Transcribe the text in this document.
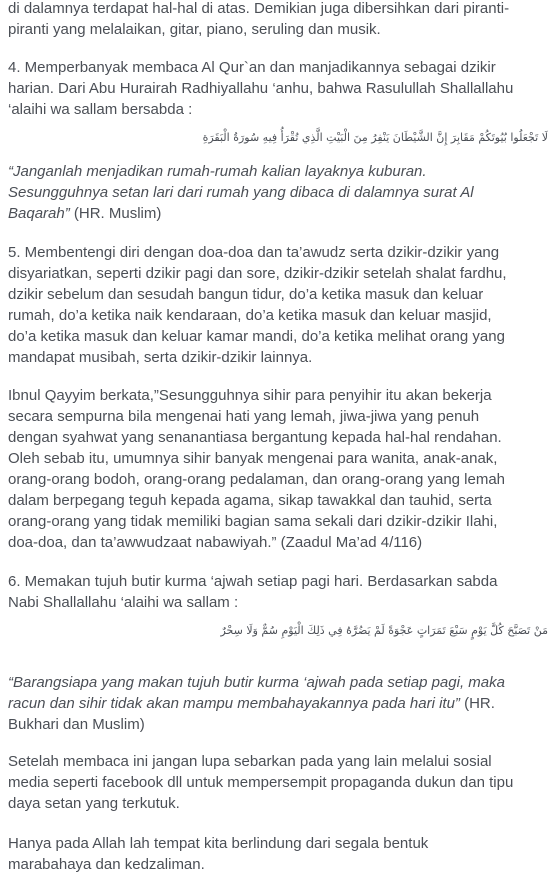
di dalamnya terdapat hal-hal di atas. Demikian juga dibersihkan dari piranti-
piranti yang melalaikan, gitar, piano, seruling dan musik.
4. Memperbanyak membaca Al Qur`an dan manjadikannya sebagai dzikir
harian. Dari Abu Hurairah Radhiyallahu ‘anhu, bahwa Rasulullah Shallallahu
‘alaihi wa sallam bersabda :
لَا تَجْعَلُوا بُيُوتَكُمْ مَقَابِرَ إِنَّ الشَّيْطَانَ يَنْفِرُ مِنَ الْبَيْتِ الَّذِي تُقْرَأُ فِيهِ سُورَةُ الْبَقَرَةِ
“Janganlah menjadikan rumah-rumah kalian layaknya kuburan.
Sesungguhnya setan lari dari rumah yang dibaca di dalamnya surat Al
Baqarah” (HR. Muslim)
5. Membentengi diri dengan doa-doa dan ta’awudz serta dzikir-dzikir yang
disyariatkan, seperti dzikir pagi dan sore, dzikir-dzikir setelah shalat fardhu,
dzikir sebelum dan sesudah bangun tidur, do’a ketika masuk dan keluar
rumah, do’a ketika naik kendaraan, do’a ketika masuk dan keluar masjid,
do’a ketika masuk dan keluar kamar mandi, do’a ketika melihat orang yang
mandapat musibah, serta dzikir-dzikir lainnya.
Ibnul Qayyim berkata,”Sesungguhnya sihir para penyihir itu akan bekerja
secara sempurna bila mengenai hati yang lemah, jiwa-jiwa yang penuh
dengan syahwat yang senanantiasa bergantung kepada hal-hal rendahan.
Oleh sebab itu, umumnya sihir banyak mengenai para wanita, anak-anak,
orang-orang bodoh, orang-orang pedalaman, dan orang-orang yang lemah
dalam berpegang teguh kepada agama, sikap tawakkal dan tauhid, serta
orang-orang yang tidak memiliki bagian sama sekali dari dzikir-dzikir Ilahi,
doa-doa, dan ta’awwudzaat nabawiyah.” (Zaadul Ma’ad 4/116)
6. Memakan tujuh butir kurma ‘ajwah setiap pagi hari. Berdasarkan sabda
Nabi Shallallahu ‘alaihi wa sallam :
مَنْ تَصَبَّحَ كُلَّ يَوْمٍ سَبْعَ تَمَرَاتٍ عَجْوَةً لَمْ يَضُرَّهُ فِي ذَلِكَ الْيَوْمِ سُمٌّ وَلَا سِحْرٌ
“Barangsiapa yang makan tujuh butir kurma ‘ajwah pada setiap pagi, maka
racun dan sihir tidak akan mampu membahayakannya pada hari itu” (HR.
Bukhari dan Muslim)
Setelah membaca ini jangan lupa sebarkan pada yang lain melalui sosial
media seperti facebook dll untuk mempersempit propaganda dukun dan tipu
daya setan yang terkutuk.
Hanya pada Allah lah tempat kita berlindung dari segala bentuk
marabahaya dan kedzaliman.
